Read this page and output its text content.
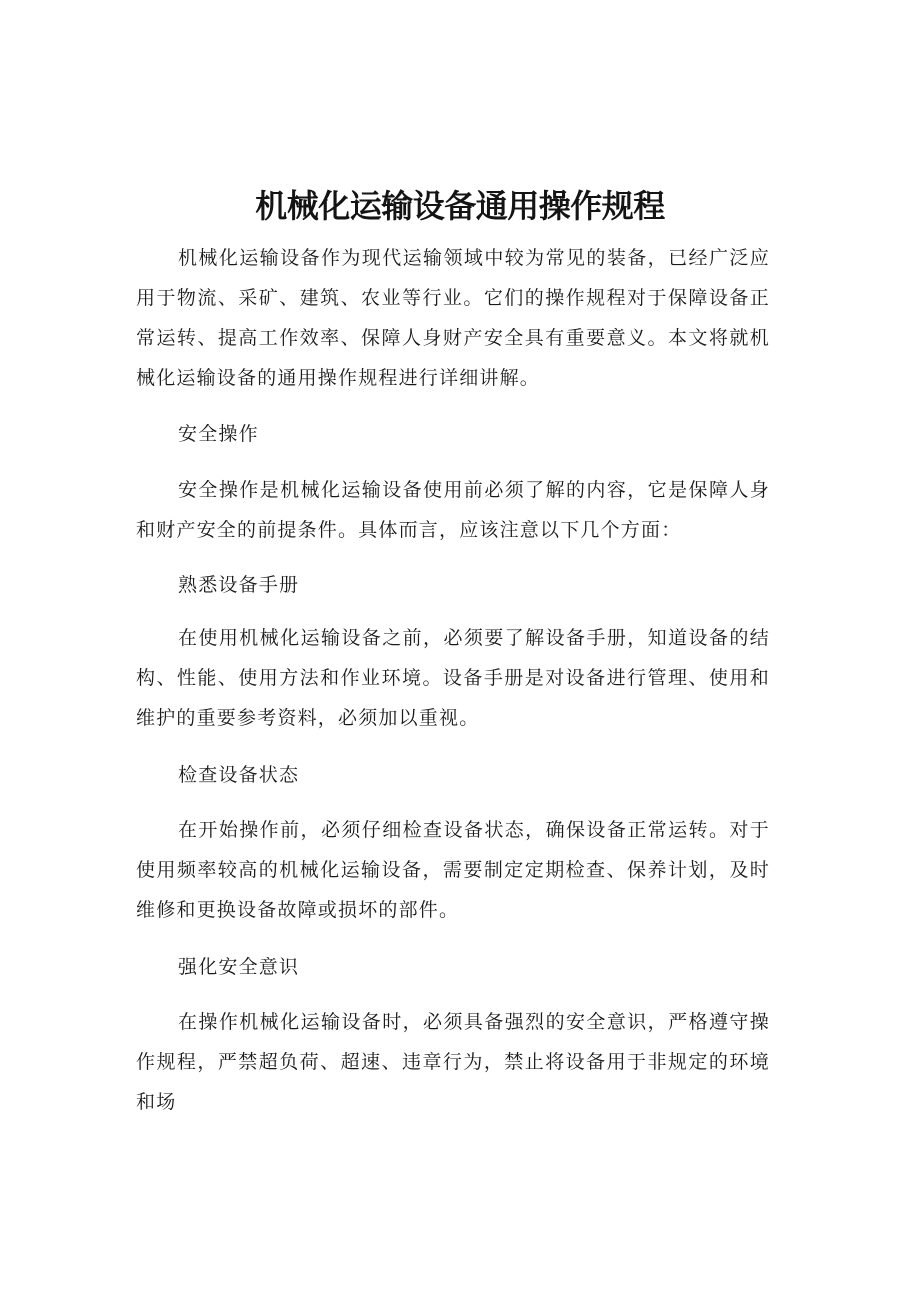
机械化运输设备通用操作规程

机械化运输设备作为现代运输领域中较为常见的装备，已经广泛应用于物流、采矿、建筑、农业等行业。它们的操作规程对于保障设备正常运转、提高工作效率、保障人身财产安全具有重要意义。本文将就机械化运输设备的通用操作规程进行详细讲解。

安全操作

安全操作是机械化运输设备使用前必须了解的内容，它是保障人身和财产安全的前提条件。具体而言，应该注意以下几个方面：

熟悉设备手册

在使用机械化运输设备之前，必须要了解设备手册，知道设备的结构、性能、使用方法和作业环境。设备手册是对设备进行管理、使用和维护的重要参考资料，必须加以重视。

检查设备状态

在开始操作前，必须仔细检查设备状态，确保设备正常运转。对于使用频率较高的机械化运输设备，需要制定定期检查、保养计划，及时维修和更换设备故障或损坏的部件。

强化安全意识

在操作机械化运输设备时，必须具备强烈的安全意识，严格遵守操作规程，严禁超负荷、超速、违章行为，禁止将设备用于非规定的环境和场
